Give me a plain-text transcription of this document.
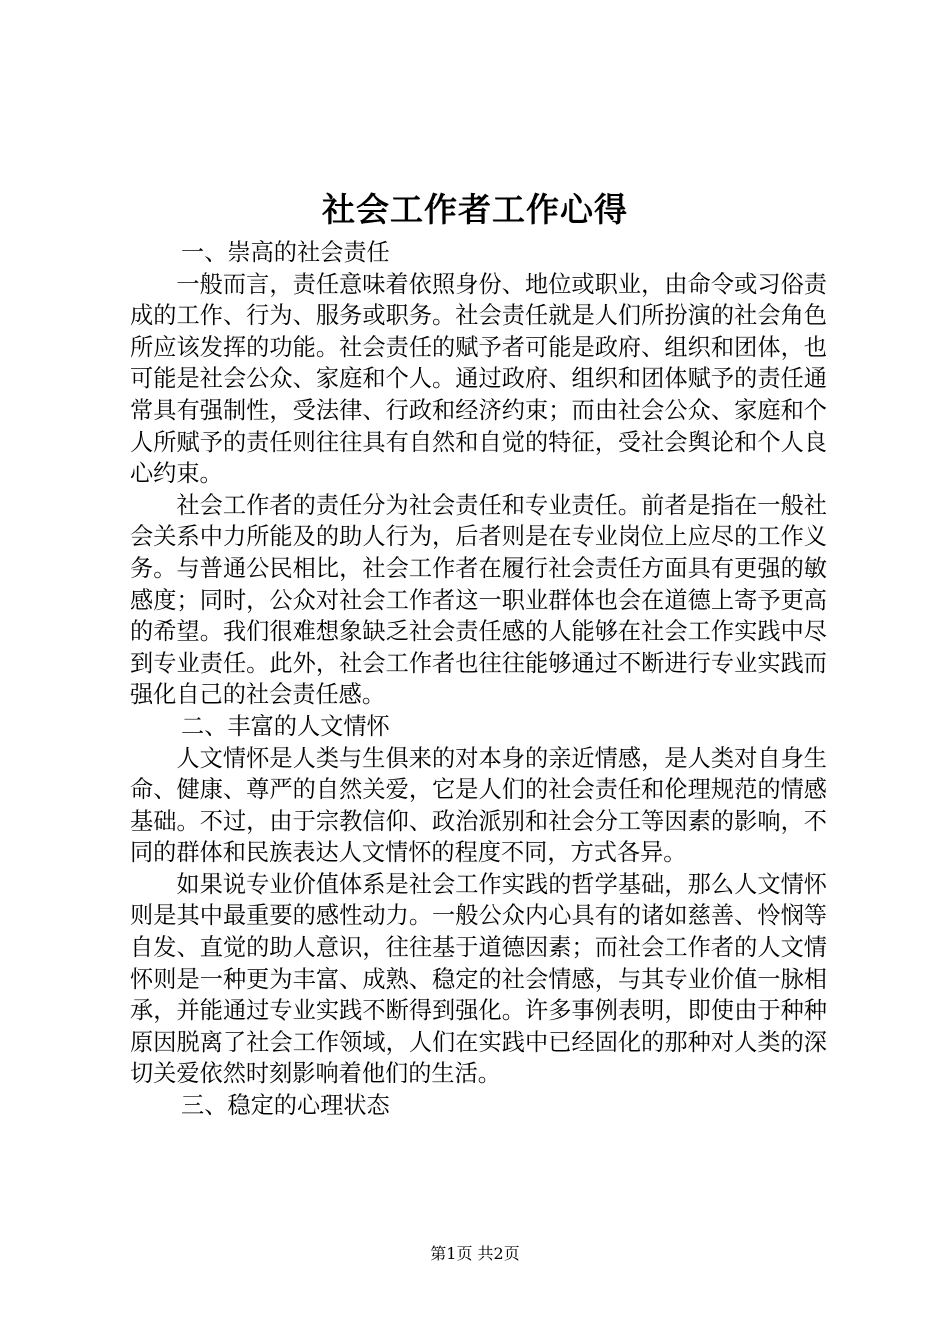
社会工作者工作心得

一、崇高的社会责任

一般而言，责任意味着依照身份、地位或职业，由命令或习俗责成的工作、行为、服务或职务。社会责任就是人们所扮演的社会角色所应该发挥的功能。社会责任的赋予者可能是政府、组织和团体，也可能是社会公众、家庭和个人。通过政府、组织和团体赋予的责任通常具有强制性，受法律、行政和经济约束；而由社会公众、家庭和个人所赋予的责任则往往具有自然和自觉的特征，受社会舆论和个人良心约束。

社会工作者的责任分为社会责任和专业责任。前者是指在一般社会关系中力所能及的助人行为，后者则是在专业岗位上应尽的工作义务。与普通公民相比，社会工作者在履行社会责任方面具有更强的敏感度；同时，公众对社会工作者这一职业群体也会在道德上寄予更高的希望。我们很难想象缺乏社会责任感的人能够在社会工作实践中尽到专业责任。此外，社会工作者也往往能够通过不断进行专业实践而强化自己的社会责任感。

二、丰富的人文情怀

人文情怀是人类与生俱来的对本身的亲近情感，是人类对自身生命、健康、尊严的自然关爱，它是人们的社会责任和伦理规范的情感基础。不过，由于宗教信仰、政治派别和社会分工等因素的影响，不同的群体和民族表达人文情怀的程度不同，方式各异。

如果说专业价值体系是社会工作实践的哲学基础，那么人文情怀则是其中最重要的感性动力。一般公众内心具有的诸如慈善、怜悯等自发、直觉的助人意识，往往基于道德因素；而社会工作者的人文情怀则是一种更为丰富、成熟、稳定的社会情感，与其专业价值一脉相承，并能通过专业实践不断得到强化。许多事例表明，即使由于种种原因脱离了社会工作领域，人们在实践中已经固化的那种对人类的深切关爱依然时刻影响着他们的生活。

三、稳定的心理状态

第1页 共2页
